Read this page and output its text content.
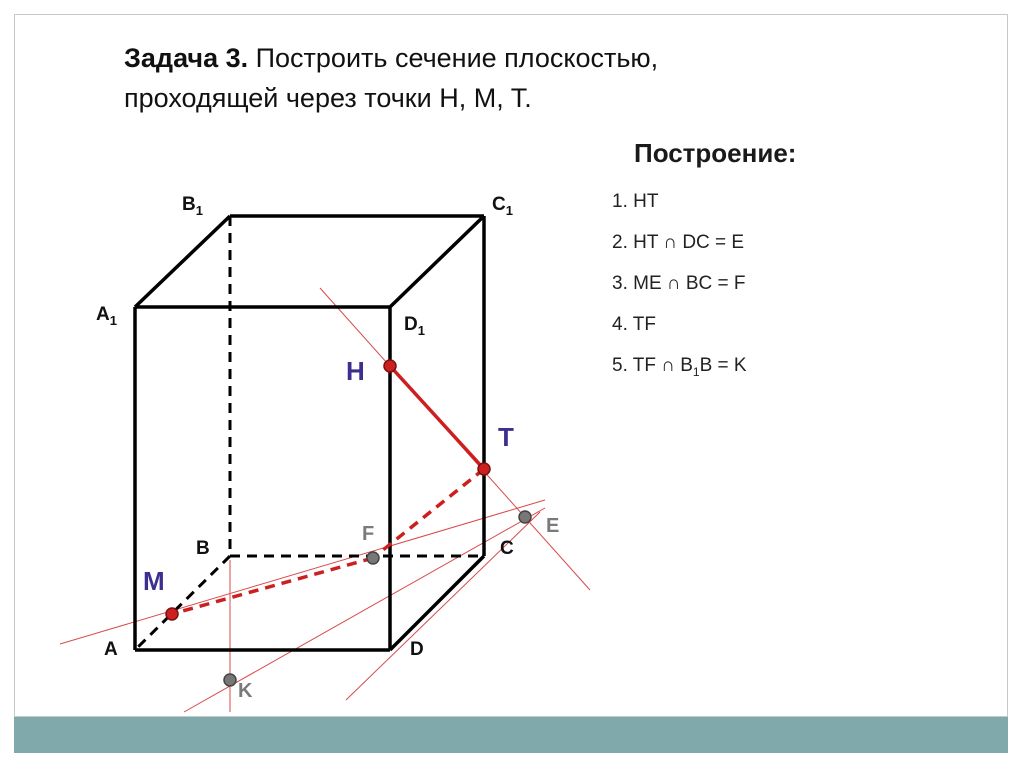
Задача 3. Построить сечение плоскостью,
проходящей через точки H, M, T.
Построение:
1. HT
2. HT ∩ DC = E
3. ME ∩ BC = F
4. TF
5. TF ∩ $B_1B = K$
$B_1$	$C_1$
$A_1$	$D_1$
B	C
A	D
H
T
M
F	E
K
